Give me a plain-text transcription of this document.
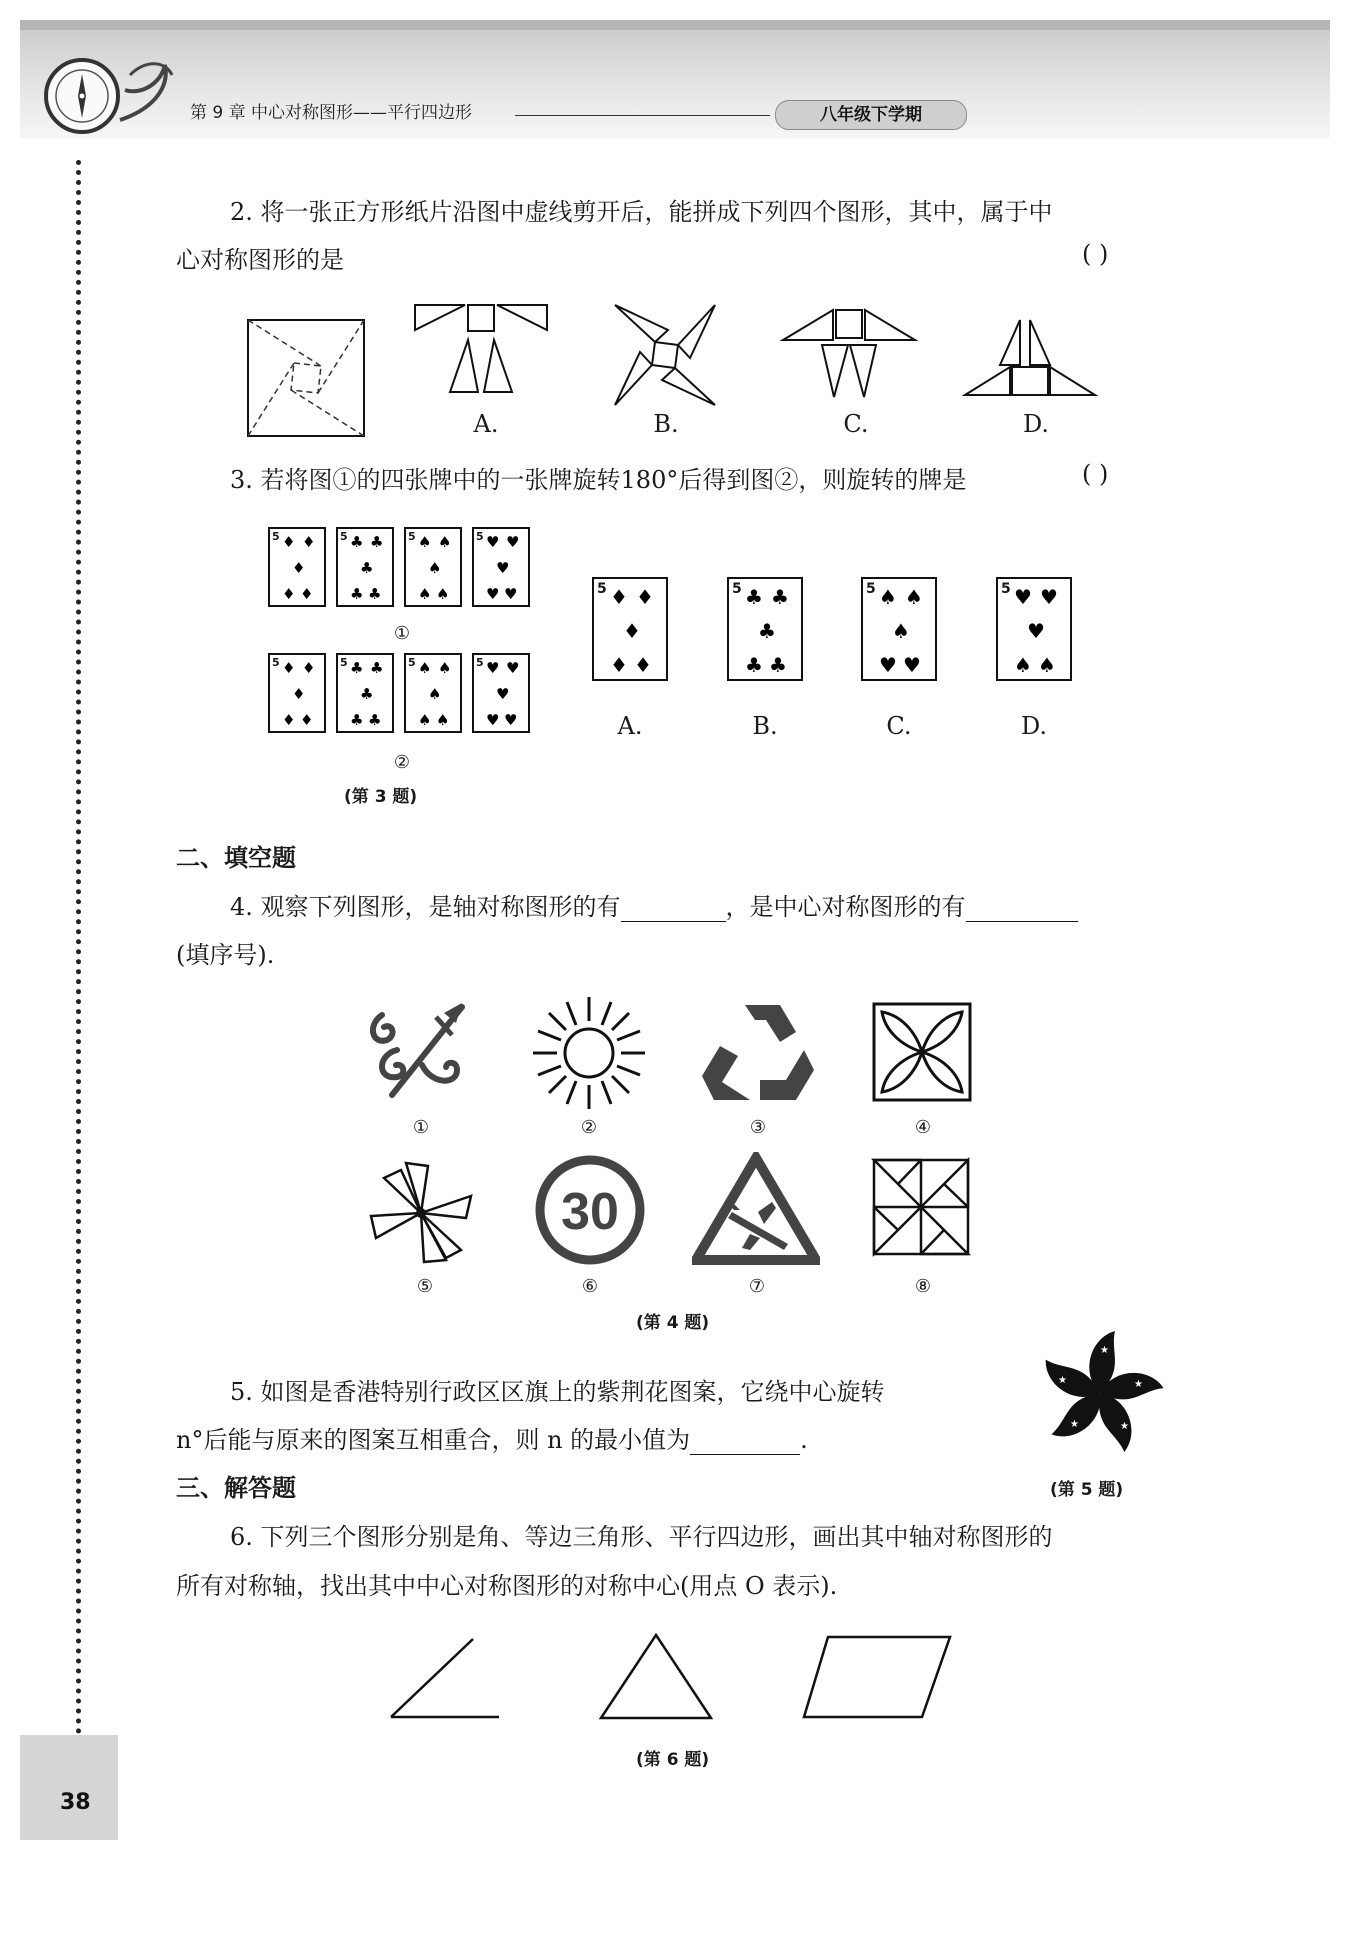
第 9 章 中心对称图形——平行四边形	八年级下学期
38
2. 将一张正方形纸片沿图中虚线剪开后，能拼成下列四个图形，其中，属于中
心对称图形的是	( )
A.	B.	C.	D.
3. 若将图①的四张牌中的一张牌旋转180°后得到图②，则旋转的牌是	( )
5 ♦ ♦
♦
♦ ♦
5 ♣ ♣
♣
♣ ♣
5 ♠ ♠
♠
♠ ♠
5 ♥ ♥
♥
♥ ♥
①
5 ♦ ♦
♦
♦ ♦
5 ♣ ♣
♣
♣ ♣
5 ♠ ♠
♠
♠ ♠
5 ♥ ♥
♥
♥ ♥
②
(第 3 题)
5 ♦ ♦
♦
♦ ♦
A.
5 ♣ ♣
♣
♣ ♣
B.
5 ♠ ♠
♠
♥ ♥
C.
5 ♥ ♥
♥
♠ ♠
D.
二、填空题
4. 观察下列图形，是轴对称图形的有	，是中心对称图形的有
(填序号).
①	②	③	④
⑤
30
⑥	⑦	⑧
(第 4 题)
5. 如图是香港特别行政区区旗上的紫荆花图案，它绕中心旋转
n°后能与原来的图案互相重合，则 n 的最小值为	.
★
★
★
★
★
(第 5 题)
三、解答题
6. 下列三个图形分别是角、等边三角形、平行四边形，画出其中轴对称图形的
所有对称轴，找出其中中心对称图形的对称中心(用点 O 表示).
(第 6 题)
